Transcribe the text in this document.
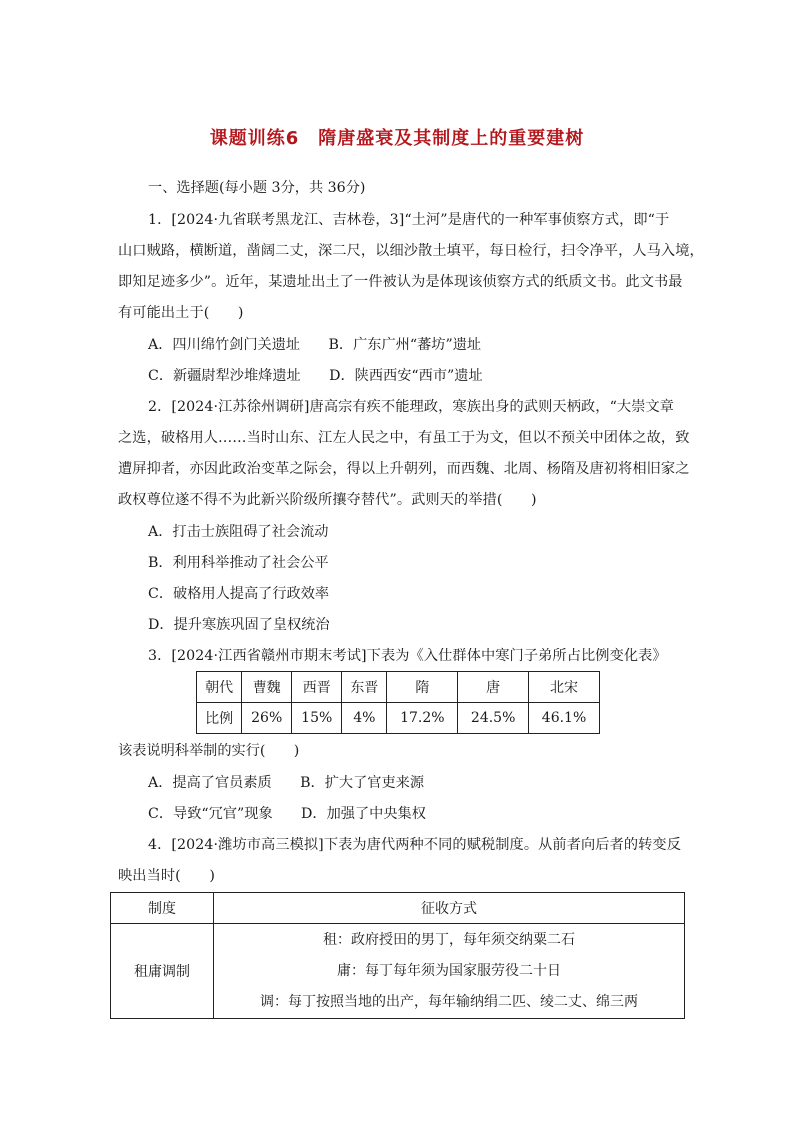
课题训练6　隋唐盛衰及其制度上的重要建树
一、选择题(每小题 3分，共 36分)
1．[2024·九省联考黑龙江、吉林卷，3]“土河”是唐代的一种军事侦察方式，即“于
山口贼路，横断道，凿阔二丈，深二尺，以细沙散土填平，每日检行，扫令净平，人马入境，
即知足迹多少”。近年，某遗址出土了一件被认为是体现该侦察方式的纸质文书。此文书最
有可能出土于(　　)
A．四川绵竹剑门关遗址　　B．广东广州“蕃坊”遗址
C．新疆尉犁沙堆烽遗址　　D．陕西西安“西市”遗址
2．[2024·江苏徐州调研]唐高宗有疾不能理政，寒族出身的武则天柄政，“大崇文章
之选，破格用人……当时山东、江左人民之中，有虽工于为文，但以不预关中团体之故，致
遭屏抑者，亦因此政治变革之际会，得以上升朝列，而西魏、北周、杨隋及唐初将相旧家之
政权尊位遂不得不为此新兴阶级所攘夺替代”。武则天的举措(　　)
A．打击士族阻碍了社会流动
B．利用科举推动了社会公平
C．破格用人提高了行政效率
D．提升寒族巩固了皇权统治
3．[2024·江西省赣州市期末考试]下表为《入仕群体中寒门子弟所占比例变化表》
朝代	曹魏	西晋	东晋	隋	唐	北宋
比例	26%	15%	4%	17.2%	24.5%	46.1%
该表说明科举制的实行(　　)
A．提高了官员素质　　B．扩大了官吏来源
C．导致“冗官”现象　　D．加强了中央集权
4．[2024·潍坊市高三模拟]下表为唐代两种不同的赋税制度。从前者向后者的转变反
映出当时(　　)
制度	征收方式
租庸调制	租：政府授田的男丁，每年须交纳粟二石
庸：每丁每年须为国家服劳役二十日
调：每丁按照当地的出产，每年输纳绢二匹、绫二丈、绵三两
